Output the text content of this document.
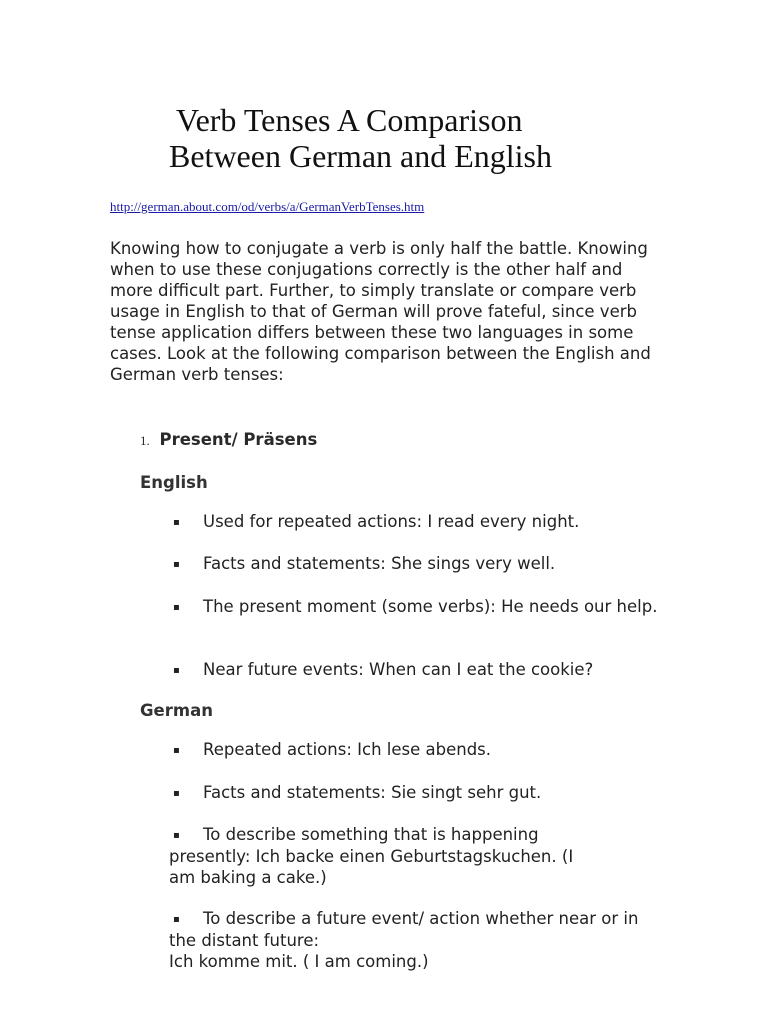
Verb Tenses A Comparison
Between German and English
http://german.about.com/od/verbs/a/GermanVerbTenses.htm

Knowing how to conjugate a verb is only half the battle. Knowing when to use these conjugations correctly is the other half and more difficult part. Further, to simply translate or compare verb usage in English to that of German will prove fateful, since verb tense application differs between these two languages in some cases. Look at the following comparison between the English and German verb tenses:

1. Present/ Präsens
English
▪ Used for repeated actions: I read every night.
▪ Facts and statements: She sings very well.
▪ The present moment (some verbs): He needs our help.
▪ Near future events: When can I eat the cookie?
German
▪ Repeated actions: Ich lese abends.
▪ Facts and statements: Sie singt sehr gut.
▪ To describe something that is happening presently: Ich backe einen Geburtstagskuchen. (I am baking a cake.)
▪ To describe a future event/ action whether near or in the distant future:
Ich komme mit. ( I am coming.)
